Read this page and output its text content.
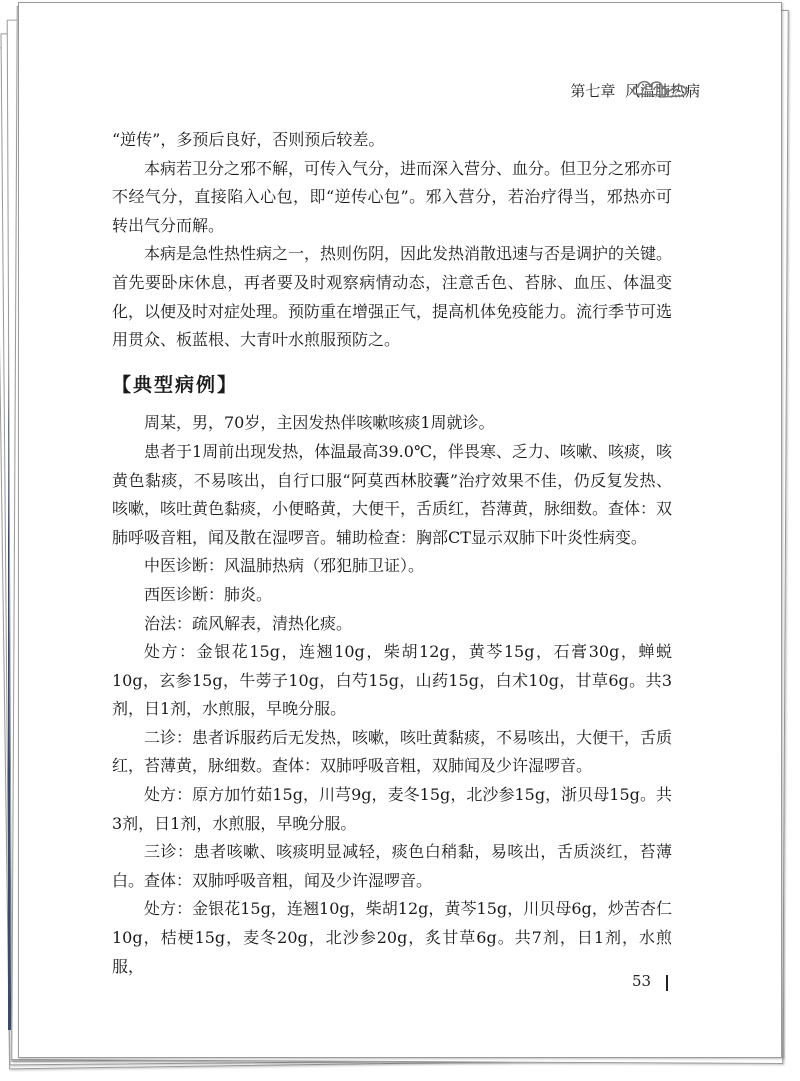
第七章 风温肺热病

“逆传”，多预后良好，否则预后较差。

本病若卫分之邪不解，可传入气分，进而深入营分、血分。但卫分之邪亦可不经气分，直接陷入心包，即“逆传心包”。邪入营分，若治疗得当，邪热亦可转出气分而解。

本病是急性热性病之一，热则伤阴，因此发热消散迅速与否是调护的关键。首先要卧床休息，再者要及时观察病情动态，注意舌色、苔脉、血压、体温变化，以便及时对症处理。预防重在增强正气，提高机体免疫能力。流行季节可选用贯众、板蓝根、大青叶水煎服预防之。

【典型病例】

周某，男，70岁，主因发热伴咳嗽咳痰1周就诊。

患者于1周前出现发热，体温最高39.0℃，伴畏寒、乏力、咳嗽、咳痰，咳黄色黏痰，不易咳出，自行口服“阿莫西林胶囊”治疗效果不佳，仍反复发热、咳嗽，咳吐黄色黏痰，小便略黄，大便干，舌质红，苔薄黄，脉细数。查体：双肺呼吸音粗，闻及散在湿啰音。辅助检查：胸部CT显示双肺下叶炎性病变。

中医诊断：风温肺热病（邪犯肺卫证）。

西医诊断：肺炎。

治法：疏风解表，清热化痰。

处方：金银花15g，连翘10g，柴胡12g，黄芩15g，石膏30g，蝉蜕10g，玄参15g，牛蒡子10g，白芍15g，山药15g，白术10g，甘草6g。共3剂，日1剂，水煎服，早晚分服。

二诊：患者诉服药后无发热，咳嗽，咳吐黄黏痰，不易咳出，大便干，舌质红，苔薄黄，脉细数。查体：双肺呼吸音粗，双肺闻及少许湿啰音。

处方：原方加竹茹15g，川芎9g，麦冬15g，北沙参15g，浙贝母15g。共3剂，日1剂，水煎服，早晚分服。

三诊：患者咳嗽、咳痰明显减轻，痰色白稍黏，易咳出，舌质淡红，苔薄白。查体：双肺呼吸音粗，闻及少许湿啰音。

处方：金银花15g，连翘10g，柴胡12g，黄芩15g，川贝母6g，炒苦杏仁10g，桔梗15g，麦冬20g，北沙参20g，炙甘草6g。共7剂，日1剂，水煎服，

53
